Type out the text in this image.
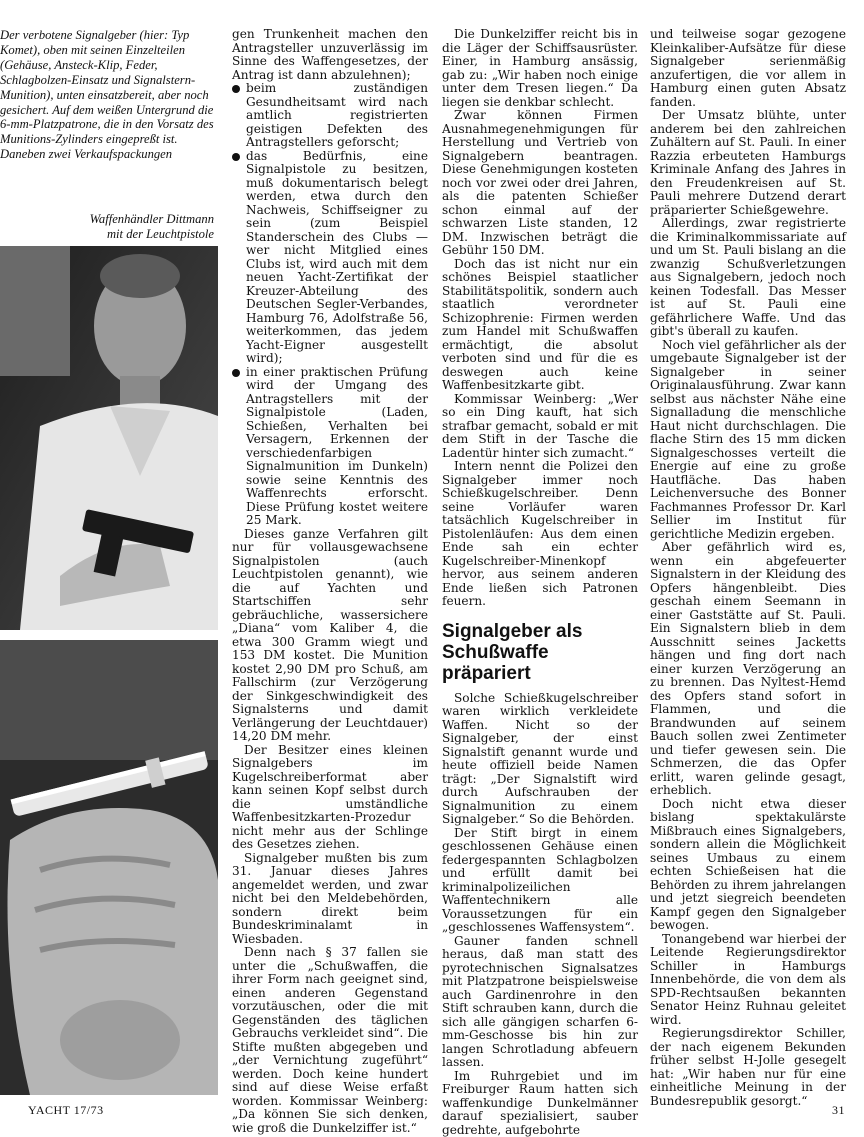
Der verbotene Signalgeber (hier: Typ Komet), oben mit seinen Einzelteilen (Gehäuse, Ansteck-Klip, Feder, Schlagbolzen-Einsatz und Signalstern-Munition), unten einsatzbereit, aber noch gesichert. Auf dem weißen Untergrund die 6-mm-Platzpatrone, die in den Vorsatz des Munitions-Zylinders eingepreßt ist. Daneben zwei Verkaufspackungen

Waffenhändler Dittmann
mit der Leuchtpistole

gen Trunkenheit machen den Antragsteller unzuverlässig im Sinne des Waffengesetzes, der Antrag ist dann abzulehnen);

beim zuständigen Gesundheitsamt wird nach amtlich registrierten geistigen Defekten des Antragstellers geforscht;
das Bedürfnis, eine Signalpistole zu besitzen, muß dokumentarisch belegt werden, etwa durch den Nachweis, Schiffseigner zu sein (zum Beispiel Standerschein des Clubs — wer nicht Mitglied eines Clubs ist, wird auch mit dem neuen Yacht-Zertifikat der Kreuzer-Abteilung des Deutschen Segler-Verbandes, Hamburg 76, Adolfstraße 56, weiterkommen, das jedem Yacht-Eigner ausgestellt wird);
in einer praktischen Prüfung wird der Umgang des Antragstellers mit der Signalpistole (Laden, Schießen, Verhalten bei Versagern, Erkennen der verschiedenfarbigen Signalmunition im Dunkeln) sowie seine Kenntnis des Waffenrechts erforscht. Diese Prüfung kostet weitere 25 Mark.

Dieses ganze Verfahren gilt nur für vollausgewachsene Signalpistolen (auch Leuchtpistolen genannt), wie die auf Yachten und Startschiffen sehr gebräuchliche, wassersichere „Diana“ vom Kaliber 4, die etwa 300 Gramm wiegt und 153 DM kostet. Die Munition kostet 2,90 DM pro Schuß, am Fallschirm (zur Verzögerung der Sinkgeschwindigkeit des Signalsterns und damit Verlängerung der Leuchtdauer) 14,20 DM mehr.

Der Besitzer eines kleinen Signalgebers im Kugelschreiberformat aber kann seinen Kopf selbst durch die umständliche Waffenbesitzkarten-Prozedur nicht mehr aus der Schlinge des Gesetzes ziehen.

Signalgeber mußten bis zum 31. Januar dieses Jahres angemeldet werden, und zwar nicht bei den Meldebehörden, sondern direkt beim Bundeskriminalamt in Wiesbaden.

Denn nach § 37 fallen sie unter die „Schußwaffen, die ihrer Form nach geeignet sind, einen anderen Gegenstand vorzutäuschen, oder die mit Gegenständen des täglichen Gebrauchs verkleidet sind“. Die Stifte mußten abgegeben und „der Vernichtung zugeführt“ werden. Doch keine hundert sind auf diese Weise erfaßt worden. Kommissar Weinberg: „Da können Sie sich denken, wie groß die Dunkelziffer ist.“

Die Dunkelziffer reicht bis in die Läger der Schiffsausrüster. Einer, in Hamburg ansässig, gab zu: „Wir haben noch einige unter dem Tresen liegen.“ Da liegen sie denkbar schlecht.

Zwar können Firmen Ausnahmegenehmigungen für Herstellung und Vertrieb von Signalgebern beantragen. Diese Genehmigungen kosteten noch vor zwei oder drei Jahren, als die patenten Schießer schon einmal auf der schwarzen Liste standen, 12 DM. Inzwischen beträgt die Gebühr 150 DM.

Doch das ist nicht nur ein schönes Beispiel staatlicher Stabilitätspolitik, sondern auch staatlich verordneter Schizophrenie: Firmen werden zum Handel mit Schußwaffen ermächtigt, die absolut verboten sind und für die es deswegen auch keine Waffenbesitzkarte gibt.

Kommissar Weinberg: „Wer so ein Ding kauft, hat sich strafbar gemacht, sobald er mit dem Stift in der Tasche die Ladentür hinter sich zumacht.“

Intern nennt die Polizei den Signalgeber immer noch Schießkugelschreiber. Denn seine Vorläufer waren tatsächlich Kugelschreiber in Pistolenläufen: Aus dem einen Ende sah ein echter Kugelschreiber-Minenkopf hervor, aus seinem anderen Ende ließen sich Patronen feuern.

Signalgeber als Schußwaffe präpariert

Solche Schießkugelschreiber waren wirklich verkleidete Waffen. Nicht so der Signalgeber, der einst Signalstift genannt wurde und heute offiziell beide Namen trägt: „Der Signalstift wird durch Aufschrauben der Signalmunition zu einem Signalgeber.“ So die Behörden.

Der Stift birgt in einem geschlossenen Gehäuse einen federgespannten Schlagbolzen und erfüllt damit bei kriminalpolizeilichen Waffentechnikern alle Voraussetzungen für ein „geschlossenes Waffensystem“.

Gauner fanden schnell heraus, daß man statt des pyrotechnischen Signalsatzes mit Platzpatrone beispielsweise auch Gardinenrohre in den Stift schrauben kann, durch die sich alle gängigen scharfen 6-mm-Geschosse bis hin zur langen Schrotladung abfeuern lassen.

Im Ruhrgebiet und im Freiburger Raum hatten sich waffenkundige Dunkelmänner darauf spezialisiert, sauber gedrehte, aufgebohrte

und teilweise sogar gezogene Kleinkaliber-Aufsätze für diese Signalgeber serienmäßig anzufertigen, die vor allem in Hamburg einen guten Absatz fanden.

Der Umsatz blühte, unter anderem bei den zahlreichen Zuhältern auf St. Pauli. In einer Razzia erbeuteten Hamburgs Kriminale Anfang des Jahres in den Freudenkreisen auf St. Pauli mehrere Dutzend derart präparierter Schießgewehre.

Allerdings, zwar registrierte die Kriminalkommissariate auf und um St. Pauli bislang an die zwanzig Schußverletzungen aus Signalgebern, jedoch noch keinen Todesfall. Das Messer ist auf St. Pauli eine gefährlichere Waffe. Und das gibt's überall zu kaufen.

Noch viel gefährlicher als der umgebaute Signalgeber ist der Signalgeber in seiner Originalausführung. Zwar kann selbst aus nächster Nähe eine Signalladung die menschliche Haut nicht durchschlagen. Die flache Stirn des 15 mm dicken Signalgeschosses verteilt die Energie auf eine zu große Hautfläche. Das haben Leichenversuche des Bonner Fachmannes Professor Dr. Karl Sellier im Institut für gerichtliche Medizin ergeben.

Aber gefährlich wird es, wenn ein abgefeuerter Signalstern in der Kleidung des Opfers hängenbleibt. Dies geschah einem Seemann in einer Gaststätte auf St. Pauli. Ein Signalstern blieb in dem Ausschnitt seines Jacketts hängen und fing dort nach einer kurzen Verzögerung an zu brennen. Das Nyltest-Hemd des Opfers stand sofort in Flammen, und die Brandwunden auf seinem Bauch sollen zwei Zentimeter und tiefer gewesen sein. Die Schmerzen, die das Opfer erlitt, waren gelinde gesagt, erheblich.

Doch nicht etwa dieser bislang spektakulärste Mißbrauch eines Signalgebers, sondern allein die Möglichkeit seines Umbaus zu einem echten Schießeisen hat die Behörden zu ihrem jahrelangen und jetzt siegreich beendeten Kampf gegen den Signalgeber bewogen.

Tonangebend war hierbei der Leitende Regierungsdirektor Schiller in Hamburgs Innenbehörde, die von dem als SPD-Rechtsaußen bekannten Senator Heinz Ruhnau geleitet wird.

Regierungsdirektor Schiller, der nach eigenem Bekunden früher selbst H-Jolle gesegelt hat: „Wir haben nur für eine einheitliche Meinung in der Bundesrepublik gesorgt.“

YACHT 17/73	31
